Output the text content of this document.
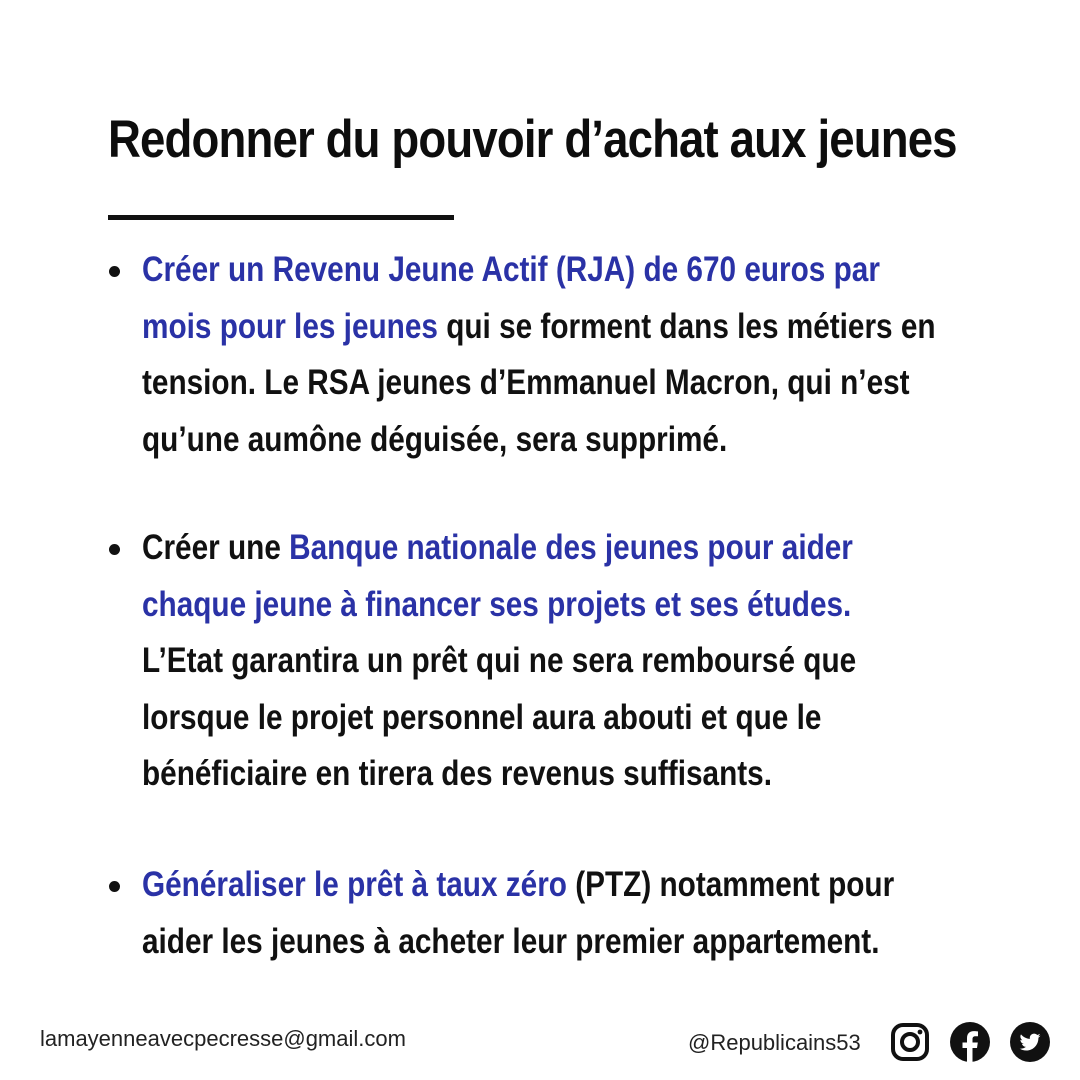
Redonner du pouvoir d’achat aux jeunes
Créer un Revenu Jeune Actif (RJA) de 670 euros par
mois pour les jeunes qui se forment dans les métiers en
tension. Le RSA jeunes d’Emmanuel Macron, qui n’est
qu’une aumône déguisée, sera supprimé.
Créer une Banque nationale des jeunes pour aider
chaque jeune à financer ses projets et ses études.
L’Etat garantira un prêt qui ne sera remboursé que
lorsque le projet personnel aura abouti et que le
bénéficiaire en tirera des revenus suffisants.
Généraliser le prêt à taux zéro (PTZ) notamment pour
aider les jeunes à acheter leur premier appartement.
lamayenneavecpecresse@gmail.com	@Republicains53
